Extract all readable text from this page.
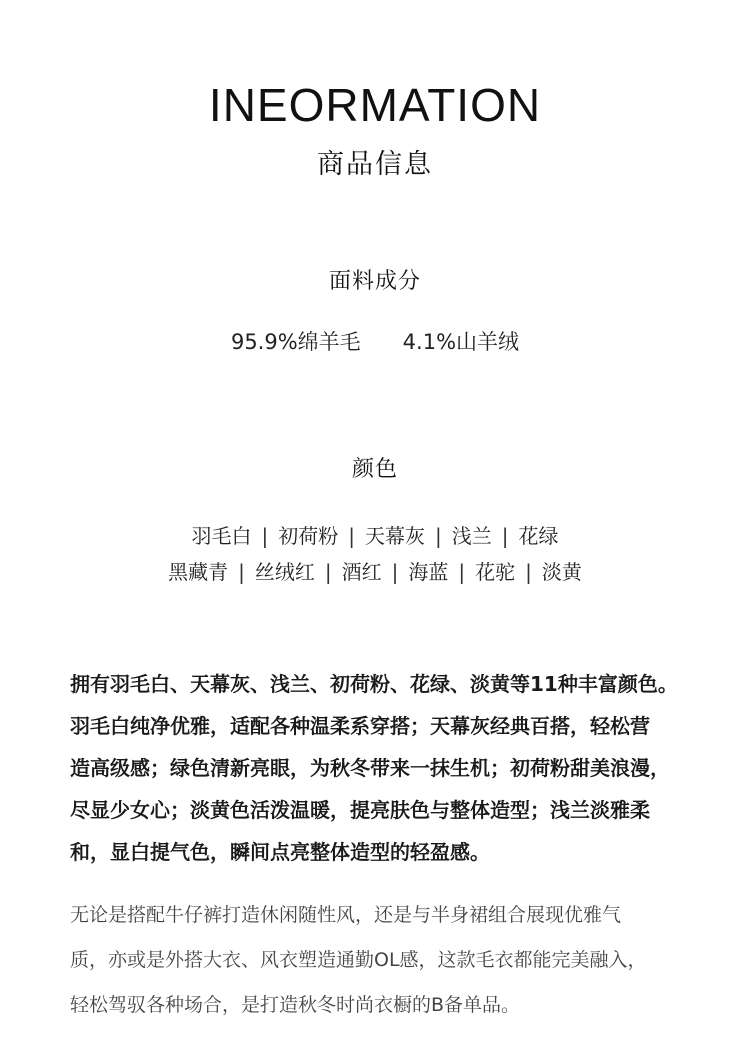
INEORMATION
商品信息
面料成分
95.9%绵羊毛 4.1%山羊绒
颜色
羽毛白 | 初荷粉 | 天幕灰 | 浅兰 | 花绿
黑藏青 | 丝绒红 | 酒红 | 海蓝 | 花驼 | 淡黄

拥有羽毛白、天幕灰、浅兰、初荷粉、花绿、淡黄等11种丰富颜色。
羽毛白纯净优雅，适配各种温柔系穿搭；天幕灰经典百搭，轻松营
造高级感；绿色清新亮眼，为秋冬带来一抹生机；初荷粉甜美浪漫，
尽显少女心；淡黄色活泼温暖，提亮肤色与整体造型；浅兰淡雅柔
和，显白提气色，瞬间点亮整体造型的轻盈感。

无论是搭配牛仔裤打造休闲随性风，还是与半身裙组合展现优雅气
质，亦或是外搭大衣、风衣塑造通勤OL感，这款毛衣都能完美融入，
轻松驾驭各种场合，是打造秋冬时尚衣橱的B备单品。
